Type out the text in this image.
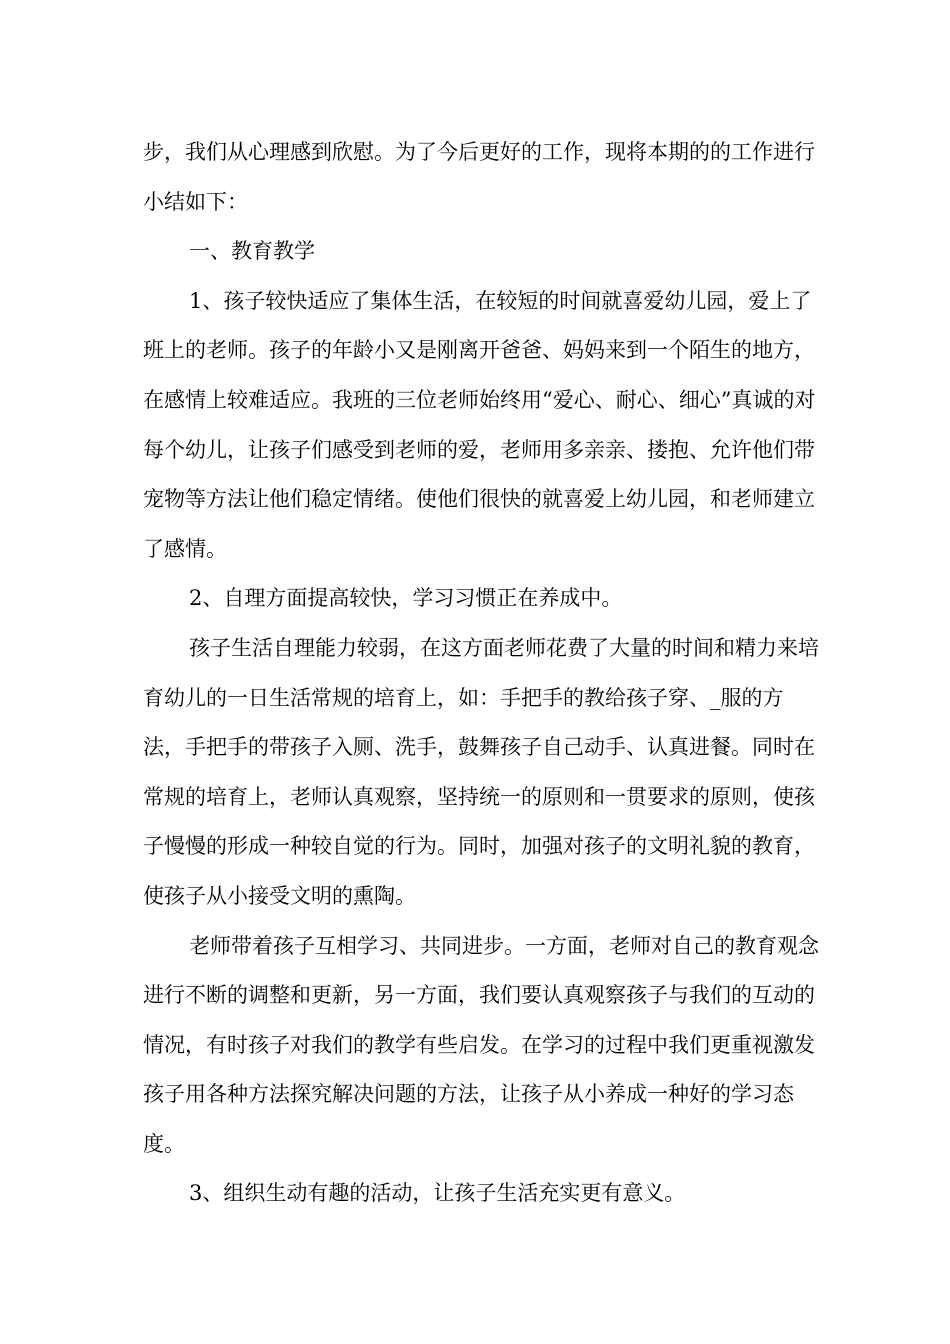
步，我们从心理感到欣慰。为了今后更好的工作，现将本期的的工作进行小结如下：

一、教育教学

1、孩子较快适应了集体生活，在较短的时间就喜爱幼儿园，爱上了班上的老师。孩子的年龄小又是刚离开爸爸、妈妈来到一个陌生的地方，在感情上较难适应。我班的三位老师始终用“爱心、耐心、细心”真诚的对每个幼儿，让孩子们感受到老师的爱，老师用多亲亲、搂抱、允许他们带宠物等方法让他们稳定情绪。使他们很快的就喜爱上幼儿园，和老师建立了感情。

2、自理方面提高较快，学习习惯正在养成中。

孩子生活自理能力较弱，在这方面老师花费了大量的时间和精力来培育幼儿的一日生活常规的培育上，如：手把手的教给孩子穿、_服的方法，手把手的带孩子入厕、洗手，鼓舞孩子自己动手、认真进餐。同时在常规的培育上，老师认真观察，坚持统一的原则和一贯要求的原则，使孩子慢慢的形成一种较自觉的行为。同时，加强对孩子的文明礼貌的教育，使孩子从小接受文明的熏陶。

老师带着孩子互相学习、共同进步。一方面，老师对自己的教育观念进行不断的调整和更新，另一方面，我们要认真观察孩子与我们的互动的情况，有时孩子对我们的教学有些启发。在学习的过程中我们更重视激发孩子用各种方法探究解决问题的方法，让孩子从小养成一种好的学习态度。

3、组织生动有趣的活动，让孩子生活充实更有意义。
